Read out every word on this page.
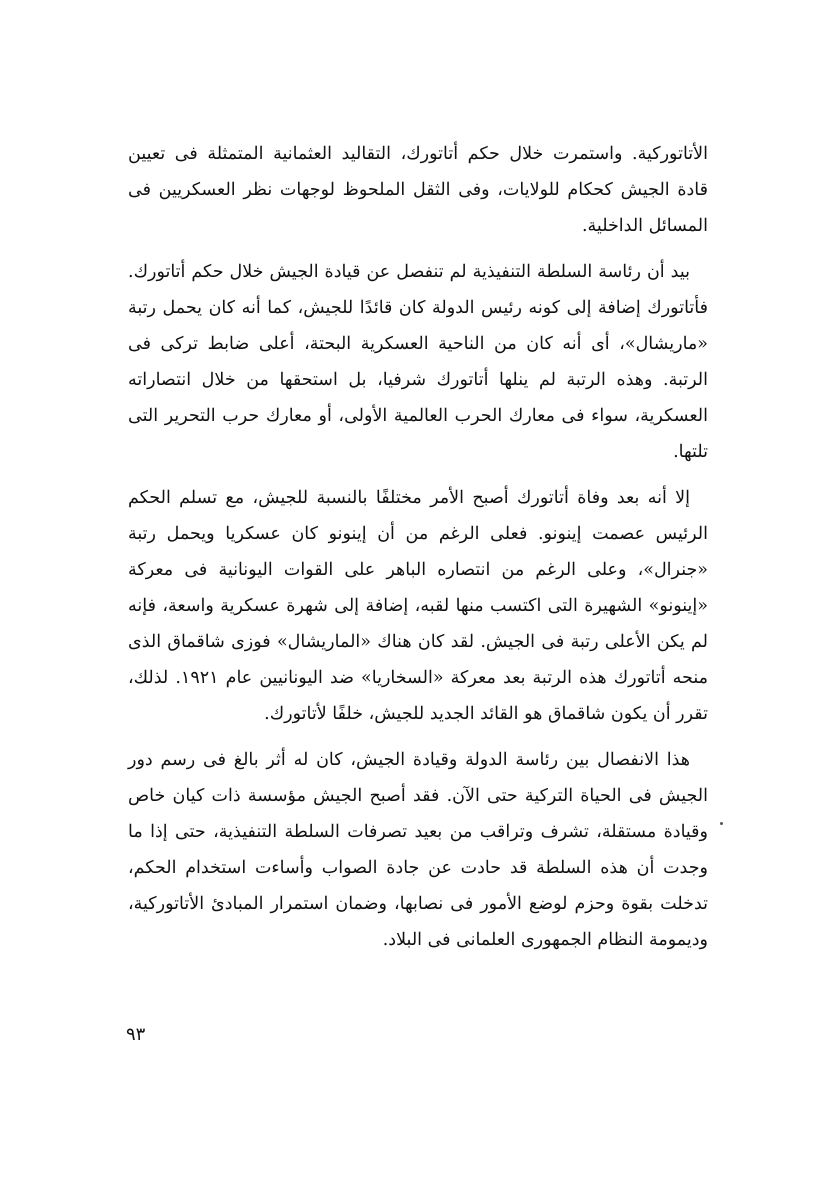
الأتاتوركية. واستمرت خلال حكم أتاتورك، التقاليد العثمانية المتمثلة فى تعيين قادة الجيش كحكام للولايات، وفى الثقل الملحوظ لوجهات نظر العسكريين فى المسائل الداخلية.

بيد أن رئاسة السلطة التنفيذية لم تنفصل عن قيادة الجيش خلال حكم أتاتورك. فأتاتورك إضافة إلى كونه رئيس الدولة كان قائدًا للجيش، كما أنه كان يحمل رتبة «ماريشال»، أى أنه كان من الناحية العسكرية البحتة، أعلى ضابط تركى فى الرتبة. وهذه الرتبة لم ينلها أتاتورك شرفيا، بل استحقها من خلال انتصاراته العسكرية، سواء فى معارك الحرب العالمية الأولى، أو معارك حرب التحرير التى تلتها.

إلا أنه بعد وفاة أتاتورك أصبح الأمر مختلفًا بالنسبة للجيش، مع تسلم الحكم الرئيس عصمت إينونو. فعلى الرغم من أن إينونو كان عسكريا ويحمل رتبة «جنرال»، وعلى الرغم من انتصاره الباهر على القوات اليونانية فى معركة «إينونو» الشهيرة التى اكتسب منها لقبه، إضافة إلى شهرة عسكرية واسعة، فإنه لم يكن الأعلى رتبة فى الجيش. لقد كان هناك «الماريشال» فوزى شاقماق الذى منحه أتاتورك هذه الرتبة بعد معركة «السخاريا» ضد اليونانيين عام ١٩٢١. لذلك، تقرر أن يكون شاقماق هو القائد الجديد للجيش، خلفًا لأتاتورك.

هذا الانفصال بين رئاسة الدولة وقيادة الجيش، كان له أثر بالغ فى رسم دور الجيش فى الحياة التركية حتى الآن. فقد أصبح الجيش مؤسسة ذات كيان خاص وقيادة مستقلة، تشرف وتراقب من بعيد تصرفات السلطة التنفيذية، حتى إذا ما وجدت أن هذه السلطة قد حادت عن جادة الصواب وأساءت استخدام الحكم، تدخلت بقوة وحزم لوضع الأمور فى نصابها، وضمان استمرار المبادئ الأتاتوركية، وديمومة النظام الجمهورى العلمانى فى البلاد.

٩٣
